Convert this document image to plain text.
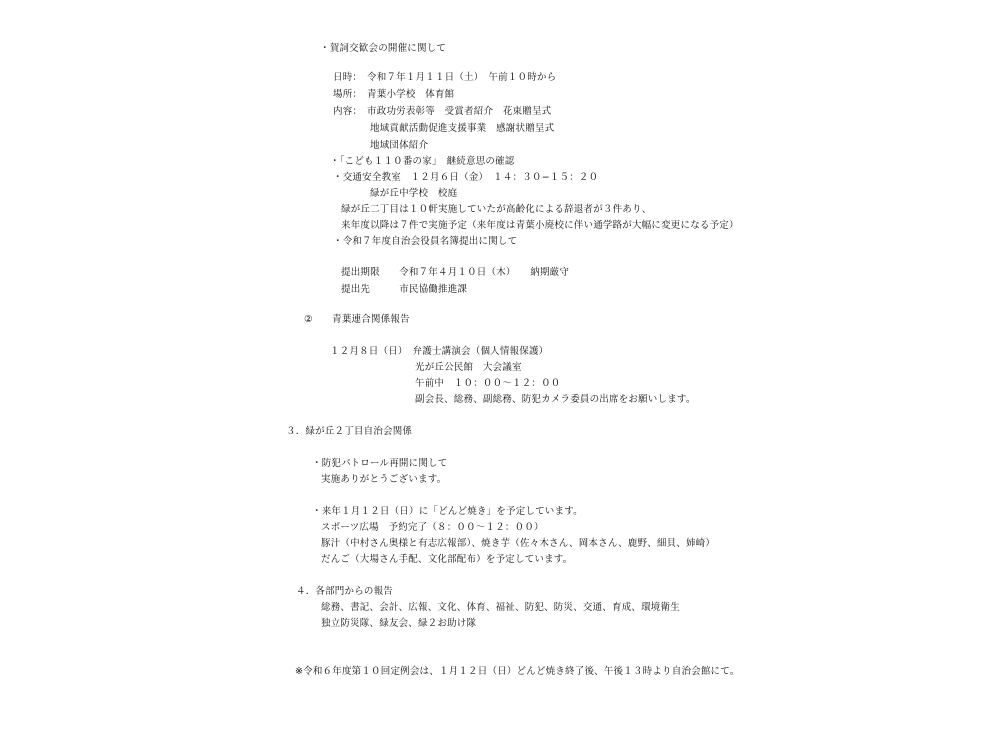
・賀詞交歓会の開催に関して
日時：　令和７年１月１１日（土）　午前１０時から
場所：　青葉小学校　体育館
内容：　市政功労表彰等　受賞者紹介　花束贈呈式
地域貢献活動促進支援事業　感謝状贈呈式
地域団体紹介
・「こども１１０番の家」　継続意思の確認
・交通安全教室　１２月６日（金）　１４：３０−１５：２０
緑が丘中学校　校庭
緑が丘二丁目は１０軒実施していたが高齢化による辞退者が３件あり、
来年度以降は７件で実施予定（来年度は青葉小廃校に伴い通学路が大幅に変更になる予定）
・令和７年度自治会役員名簿提出に関して
提出期限　　令和７年４月１０日（木）　　納期厳守
提出先　　　市民協働推進課
②　　青葉連合関係報告
１２月８日（日）　弁護士講演会（個人情報保護）
光が丘公民館　大会議室
午前中　１０：００〜１２：００
副会長、総務、副総務、防犯カメラ委員の出席をお願いします。
３．緑が丘２丁目自治会関係
・防犯パトロール再開に関して
実施ありがとうございます。
・来年１月１２日（日）に「どんど焼き」を予定しています。
スポーツ広場　予約完了（８：００〜１２：００）
豚汁（中村さん奥様と有志広報部）、焼き芋（佐々木さん、岡本さん、鹿野、細貝、姉崎）
だんご（大場さん手配、文化部配布）を予定しています。
４．各部門からの報告
総務、書記、会計、広報、文化、体育、福祉、防犯、防災、交通、育成、環境衛生
独立防災隊、緑友会、緑２お助け隊
※令和６年度第１０回定例会は、１月１２日（日）どんど焼き終了後、午後１３時より自治会館にて。
